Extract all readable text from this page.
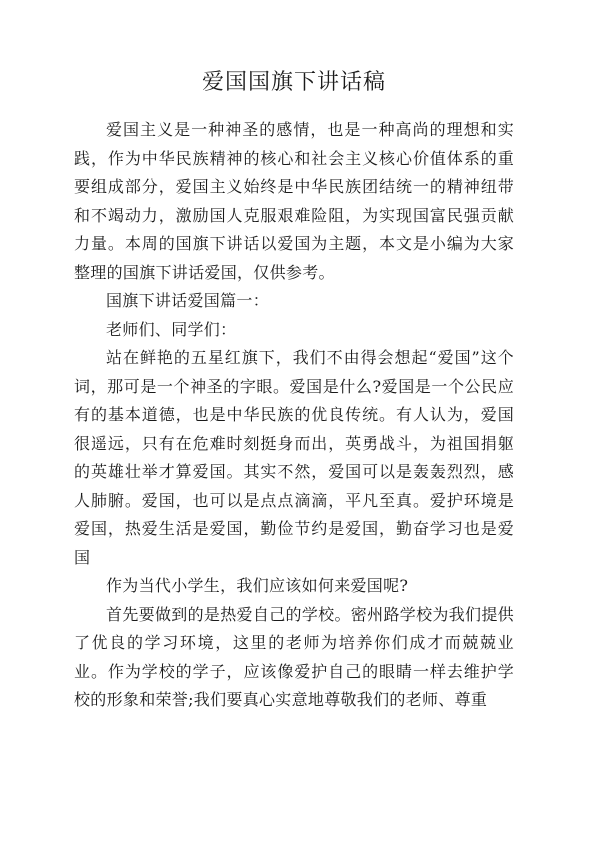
爱国国旗下讲话稿

爱国主义是一种神圣的感情，也是一种高尚的理想和实践，作为中华民族精神的核心和社会主义核心价值体系的重要组成部分，爱国主义始终是中华民族团结统一的精神纽带和不竭动力，激励国人克服艰难险阻，为实现国富民强贡献力量。本周的国旗下讲话以爱国为主题，本文是小编为大家整理的国旗下讲话爱国，仅供参考。

国旗下讲话爱国篇一：

老师们、同学们：

站在鲜艳的五星红旗下，我们不由得会想起“爱国”这个词，那可是一个神圣的字眼。爱国是什么?爱国是一个公民应有的基本道德，也是中华民族的优良传统。有人认为，爱国很遥远，只有在危难时刻挺身而出，英勇战斗，为祖国捐躯的英雄壮举才算爱国。其实不然，爱国可以是轰轰烈烈，感人肺腑。爱国，也可以是点点滴滴，平凡至真。爱护环境是爱国，热爱生活是爱国，勤俭节约是爱国，勤奋学习也是爱国

作为当代小学生，我们应该如何来爱国呢?

首先要做到的是热爱自己的学校。密州路学校为我们提供了优良的学习环境，这里的老师为培养你们成才而兢兢业业。作为学校的学子，应该像爱护自己的眼睛一样去维护学校的形象和荣誉;我们要真心实意地尊敬我们的老师、尊重
